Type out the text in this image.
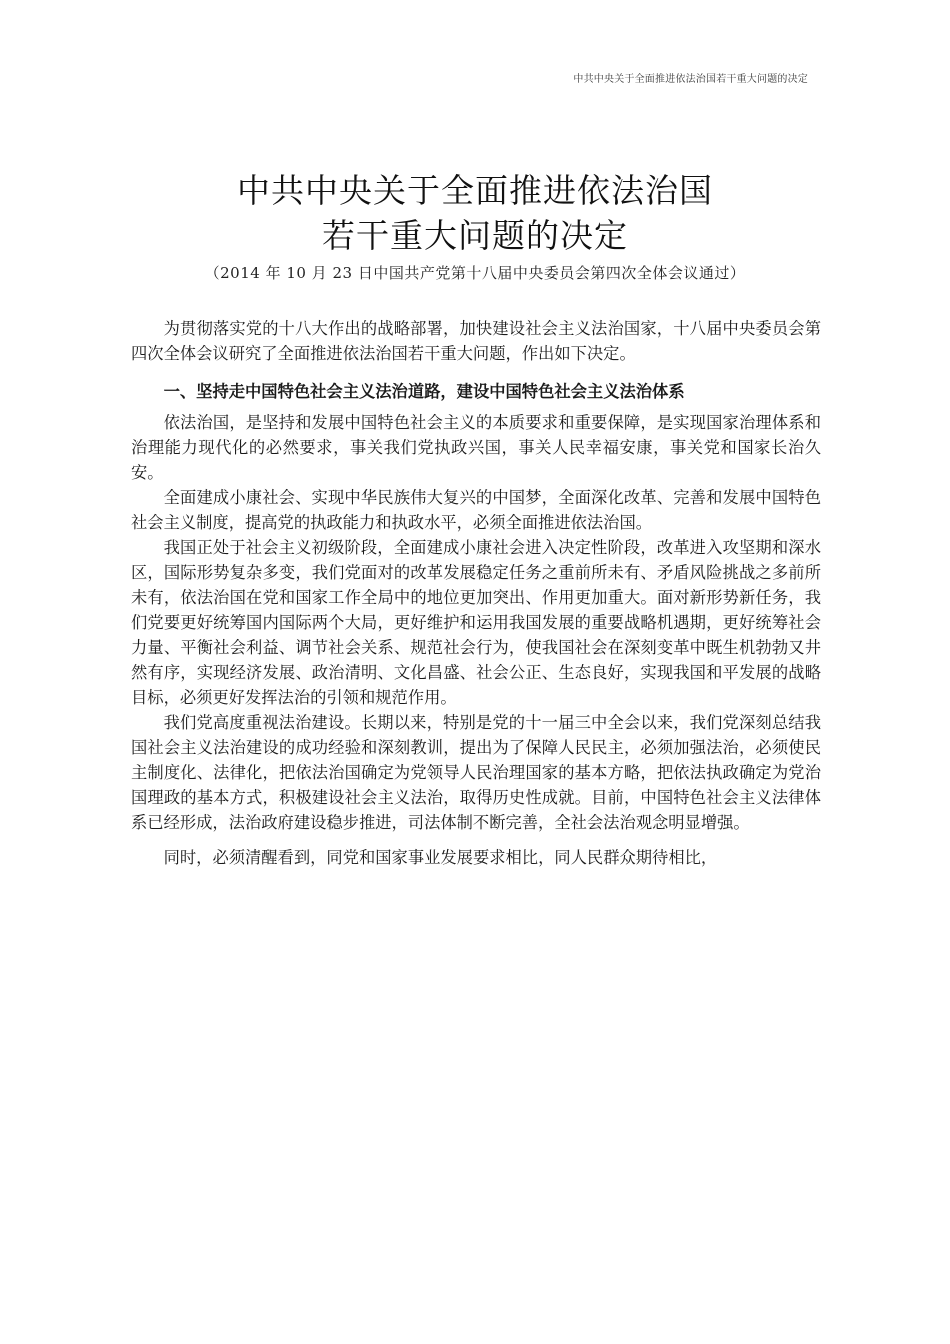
中共中央关于全面推进依法治国若干重大问题的决定
中共中央关于全面推进依法治国
若干重大问题的决定
（2014 年 10 月 23 日中国共产党第十八届中央委员会第四次全体会议通过）

为贯彻落实党的十八大作出的战略部署，加快建设社会主义法治国家，十八届中央委员会第四次全体会议研究了全面推进依法治国若干重大问题，作出如下决定。

一、坚持走中国特色社会主义法治道路，建设中国特色社会主义法治体系

依法治国，是坚持和发展中国特色社会主义的本质要求和重要保障，是实现国家治理体系和治理能力现代化的必然要求，事关我们党执政兴国，事关人民幸福安康，事关党和国家长治久安。

全面建成小康社会、实现中华民族伟大复兴的中国梦，全面深化改革、完善和发展中国特色社会主义制度，提高党的执政能力和执政水平，必须全面推进依法治国。

我国正处于社会主义初级阶段，全面建成小康社会进入决定性阶段，改革进入攻坚期和深水区，国际形势复杂多变，我们党面对的改革发展稳定任务之重前所未有、矛盾风险挑战之多前所未有，依法治国在党和国家工作全局中的地位更加突出、作用更加重大。面对新形势新任务，我们党要更好统筹国内国际两个大局，更好维护和运用我国发展的重要战略机遇期，更好统筹社会力量、平衡社会利益、调节社会关系、规范社会行为，使我国社会在深刻变革中既生机勃勃又井然有序，实现经济发展、政治清明、文化昌盛、社会公正、生态良好，实现我国和平发展的战略目标，必须更好发挥法治的引领和规范作用。

我们党高度重视法治建设。长期以来，特别是党的十一届三中全会以来，我们党深刻总结我国社会主义法治建设的成功经验和深刻教训，提出为了保障人民民主，必须加强法治，必须使民主制度化、法律化，把依法治国确定为党领导人民治理国家的基本方略，把依法执政确定为党治国理政的基本方式，积极建设社会主义法治，取得历史性成就。目前，中国特色社会主义法律体系已经形成，法治政府建设稳步推进，司法体制不断完善，全社会法治观念明显增强。

同时，必须清醒看到，同党和国家事业发展要求相比，同人民群众期待相比，
